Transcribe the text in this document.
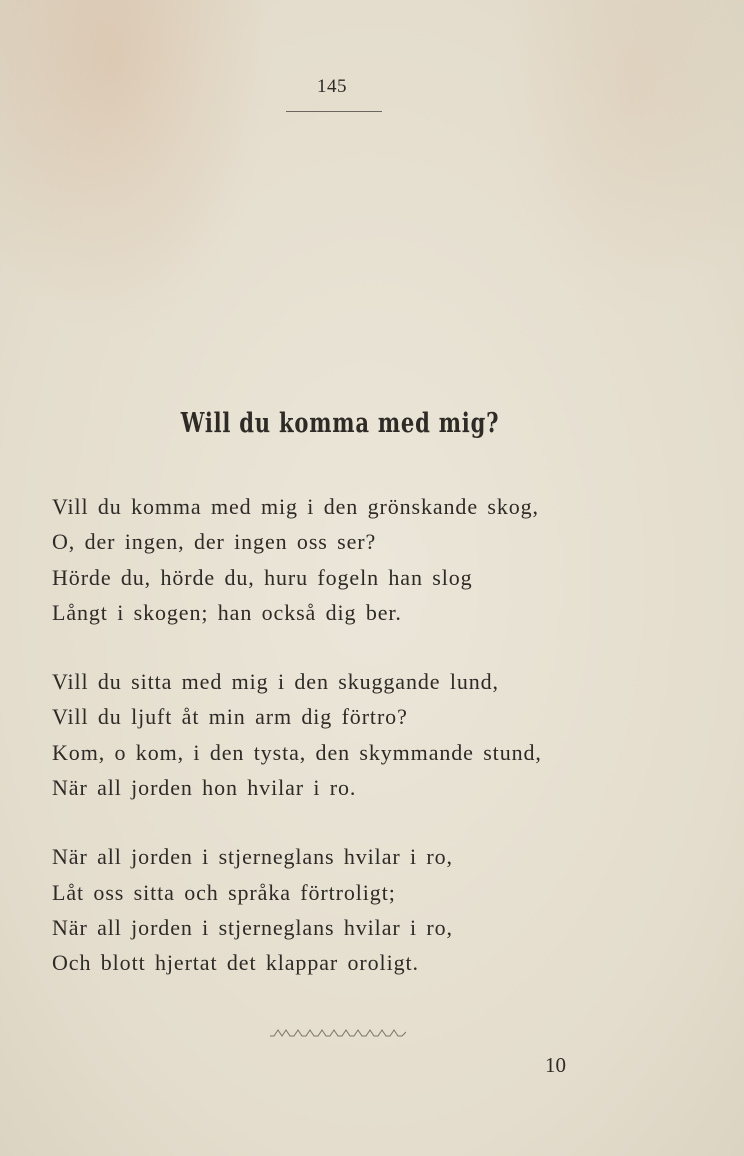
145
Will du komma med mig?
Vill du komma med mig i den grönskande skog,
O, der ingen, der ingen oss ser?
Hörde du, hörde du, huru fogeln han slog
Långt i skogen; han också dig ber.
Vill du sitta med mig i den skuggande lund,
Vill du ljuft åt min arm dig förtro?
Kom, o kom, i den tysta, den skymmande stund,
När all jorden hon hvilar i ro.
När all jorden i stjerneglans hvilar i ro,
Låt oss sitta och språka förtroligt;
När all jorden i stjerneglans hvilar i ro,
Och blott hjertat det klappar oroligt.
10
